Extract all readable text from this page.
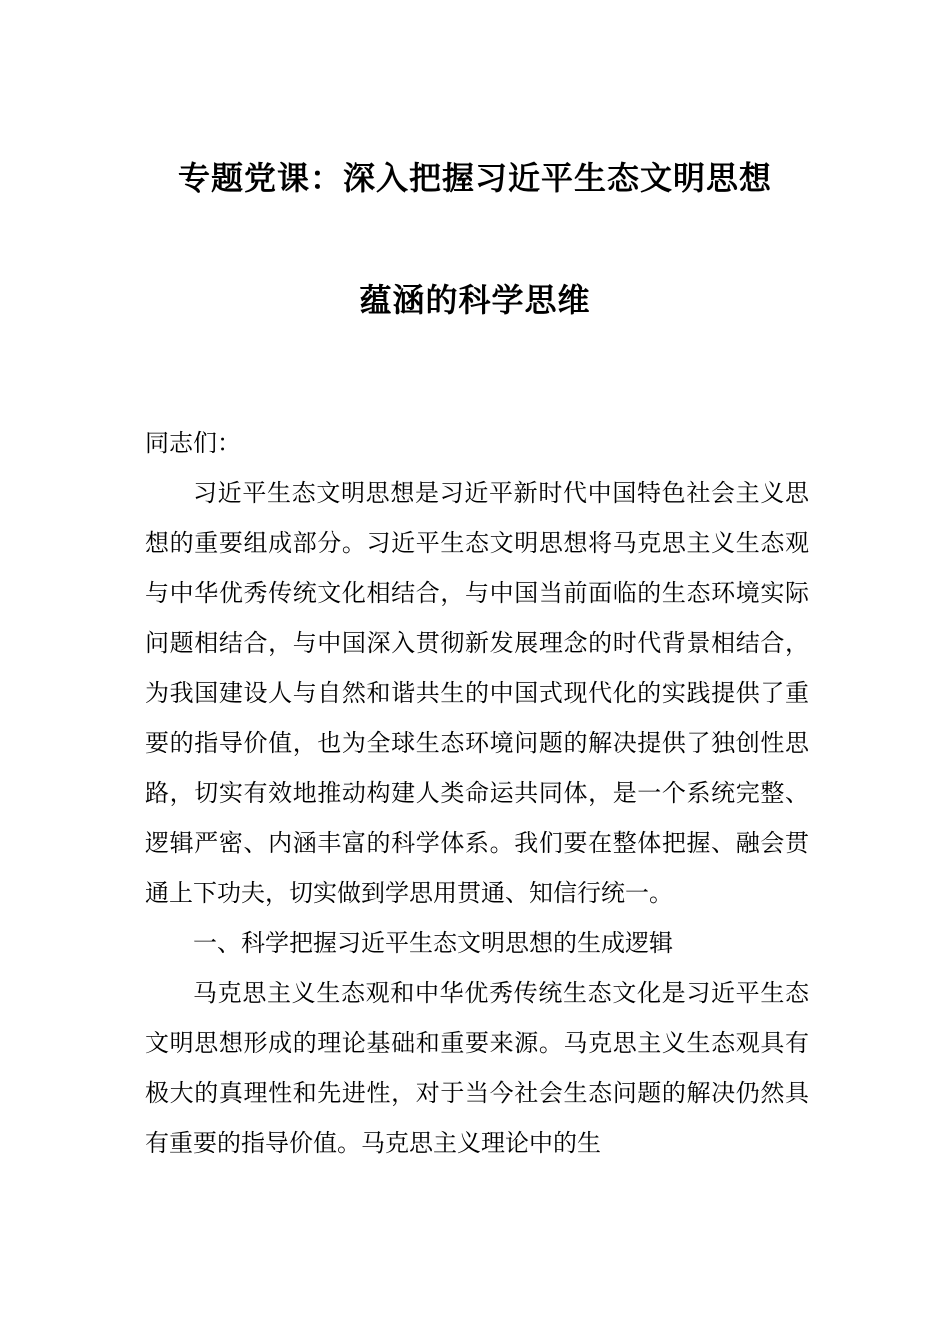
专题党课：深入把握习近平生态文明思想
蕴涵的科学思维

同志们：

习近平生态文明思想是习近平新时代中国特色社会主义思想的重要组成部分。习近平生态文明思想将马克思主义生态观与中华优秀传统文化相结合，与中国当前面临的生态环境实际问题相结合，与中国深入贯彻新发展理念的时代背景相结合，为我国建设人与自然和谐共生的中国式现代化的实践提供了重要的指导价值，也为全球生态环境问题的解决提供了独创性思路，切实有效地推动构建人类命运共同体，是一个系统完整、逻辑严密、内涵丰富的科学体系。我们要在整体把握、融会贯通上下功夫，切实做到学思用贯通、知信行统一。

一、科学把握习近平生态文明思想的生成逻辑

马克思主义生态观和中华优秀传统生态文化是习近平生态文明思想形成的理论基础和重要来源。马克思主义生态观具有极大的真理性和先进性，对于当今社会生态问题的解决仍然具有重要的指导价值。马克思主义理论中的生
